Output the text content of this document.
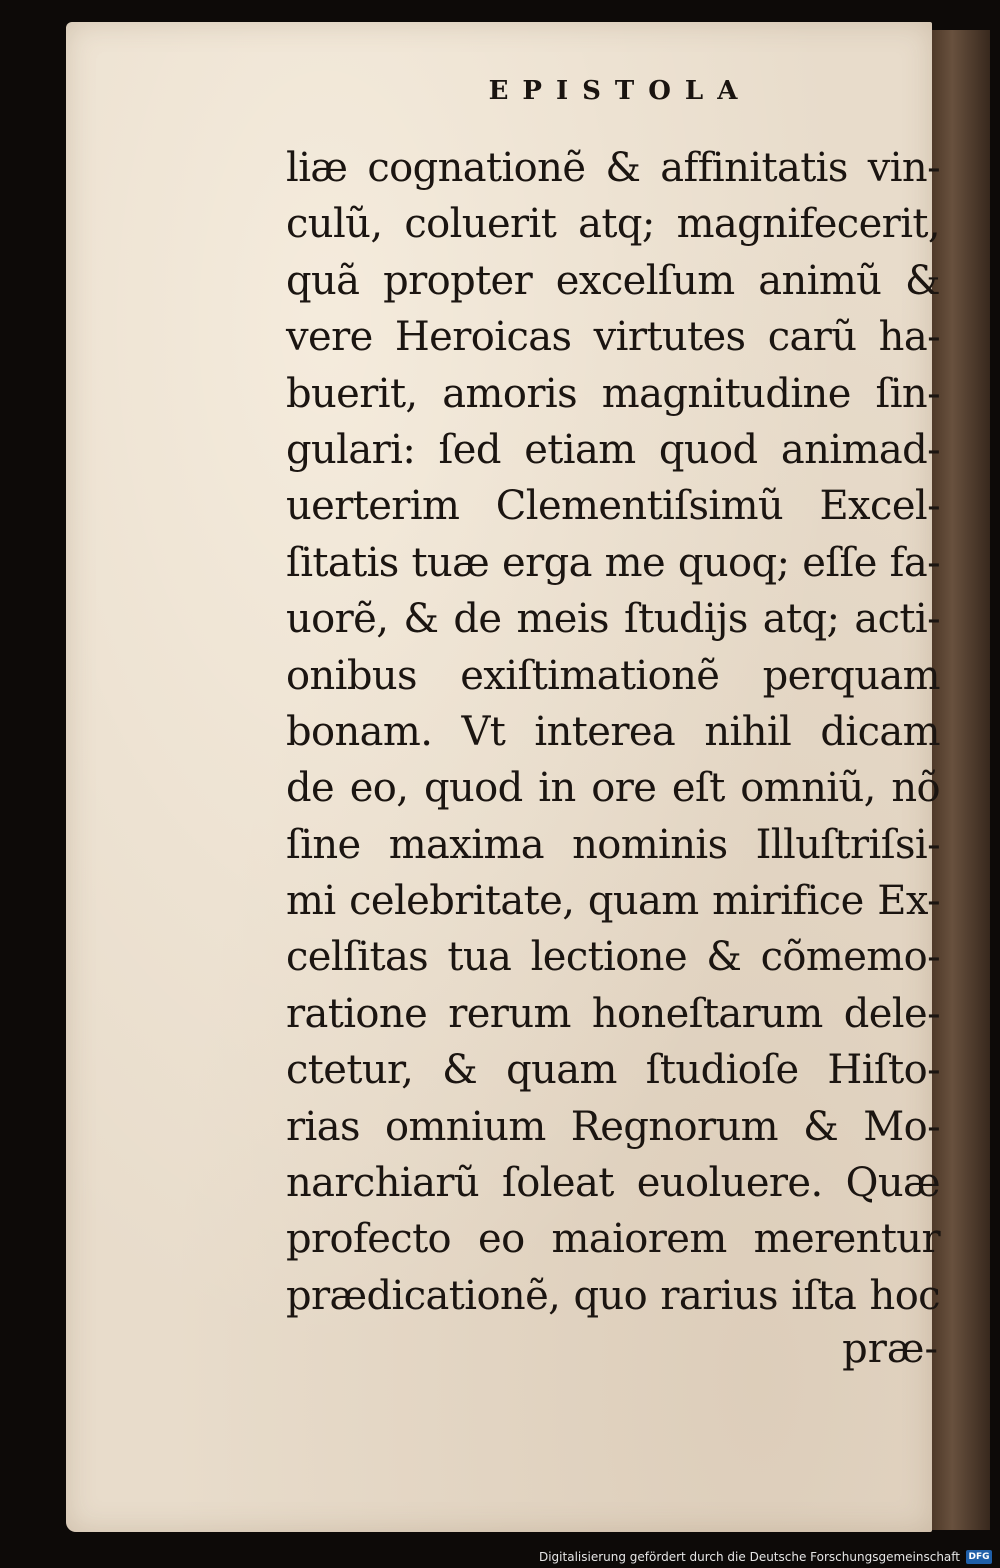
EPISTOLA
liæ cognationẽ & affinitatis vin-
culũ, coluerit atq; magnifecerit,
quã propter excelſum animũ &
vere Heroicas virtutes carũ ha-
buerit, amoris magnitudine ſin-
gulari: ſed etiam quod animad-
uerterim Clementiſsimũ Excel-
ſitatis tuæ erga me quoq; eſſe fa-
uorẽ, & de meis ſtudijs atq; acti-
onibus exiſtimationẽ perquam
bonam. Vt interea nihil dicam
de eo, quod in ore eſt omniũ, nõ
ſine maxima nominis Illuſtriſsi-
mi celebritate, quam mirifice Ex-
celſitas tua lectione & cõmemo-
ratione rerum honeſtarum dele-
ctetur, & quam ſtudioſe Hiſto-
rias omnium Regnorum & Mo-
narchiarũ ſoleat euoluere. Quæ
profecto eo maiorem merentur
prædicationẽ, quo rarius iſta hoc
præ-
Digitalisierung gefördert durch die Deutsche Forschungsgemeinschaft DFG
